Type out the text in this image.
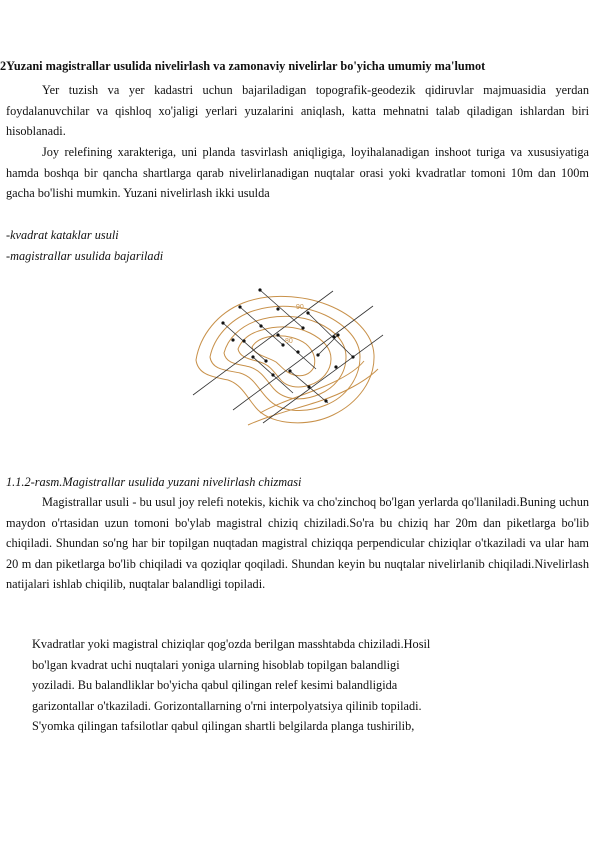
2Yuzani magistrallar usulida nivelirlash va zamonaviy nivelirlar bo'yicha umumiy ma'lumot

Yer tuzish va yer kadastri uchun bajariladigan topografik-geodezik qidiruvlar majmuasidia yerdan foydalanuvchilar va qishloq xo'jaligi yerlari yuzalarini aniqlash, katta mehnatni talab qiladigan ishlardan biri hisoblanadi.

Joy relefining xarakteriga, uni planda tasvirlash aniqligiga, loyihalanadigan inshoot turiga va xususiyatiga hamda boshqa bir qancha shartlarga qarab nivelirlanadigan nuqtalar orasi yoki kvadratlar tomoni 10m dan 100m gacha bo'lishi mumkin. Yuzani nivelirlash ikki usulda

-kvadrat kataklar usuli
-magistrallar usulida bajariladi
90
80
1.1.2-rasm.Magistrallar usulida yuzani nivelirlash chizmasi

Magistrallar usuli - bu usul joy relefi notekis, kichik va cho'zinchoq bo'lgan yerlarda qo'llaniladi.Buning uchun maydon o'rtasidan uzun tomoni bo'ylab magistral chiziq chiziladi.So'ra bu chiziq har 20m dan piketlarga bo'lib chiqiladi. Shundan so'ng har bir topilgan nuqtadan magistral chiziqqa perpendicular chiziqlar o'tkaziladi va ular ham 20 m dan piketlarga bo'lib chiqiladi va qoziqlar qoqiladi. Shundan keyin bu nuqtalar nivelirlanib chiqiladi.Nivelirlash natijalari ishlab chiqilib, nuqtalar balandligi topiladi.

Kvadratlar yoki magistral chiziqlar qog'ozda berilgan masshtabda chiziladi.Hosil
bo'lgan kvadrat uchi nuqtalari yoniga ularning hisoblab topilgan balandligi
yoziladi. Bu balandliklar bo'yicha qabul qilingan relef kesimi balandligida
garizontallar o'tkaziladi. Gorizontallarning o'rni interpolyatsiya qilinib topiladi.
S'yomka qilingan tafsilotlar qabul qilingan shartli belgilarda planga tushirilib,
